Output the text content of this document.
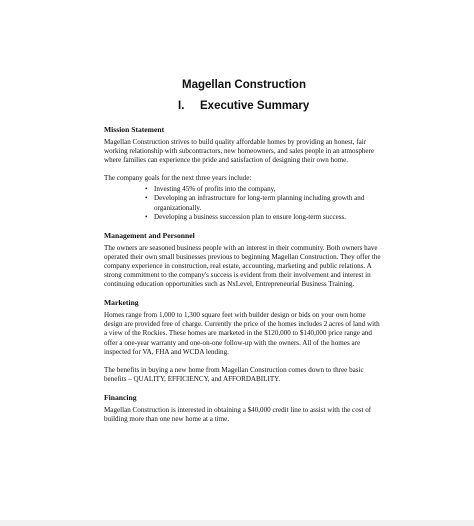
Magellan Construction
I. Executive Summary
Mission Statement
Magellan Construction strives to build quality affordable homes by providing an honest, fair working relationship with subcontractors, new homeowners, and sales people in an atmosphere where families can experience the pride and satisfaction of designing their own home.
The company goals for the next three years include:
• Investing 45% of profits into the company,
• Developing an infrastructure for long-term planning including growth and organizationally.
• Developing a business succession plan to ensure long-term success.
Management and Personnel
The owners are seasoned business people with an interest in their community. Both owners have operated their own small businesses previous to beginning Magellan Construction. They offer the company experience in construction, real estate, accounting, marketing and public relations. A strong commitment to the company's success is evident from their involvement and interest in continuing education opportunities such as NxLevel, Entrepreneurial Business Training.
Marketing
Homes range from 1,000 to 1,300 square feet with builder design or bids on your own home design are provided free of charge. Currently the price of the homes includes 2 acres of land with a view of the Rockies. These homes are marketed in the $120,000 to $140,000 price range and offer a one-year warranty and one-on-one follow-up with the owners. All of the homes are inspected for VA, FHA and WCDA lending.
The benefits in buying a new home from Magellan Construction comes down to three basic benefits – QUALITY, EFFICIENCY, and AFFORDABILITY.
Financing
Magellan Construction is interested in obtaining a $40,000 credit line to assist with the cost of building more than one new home at a time.
